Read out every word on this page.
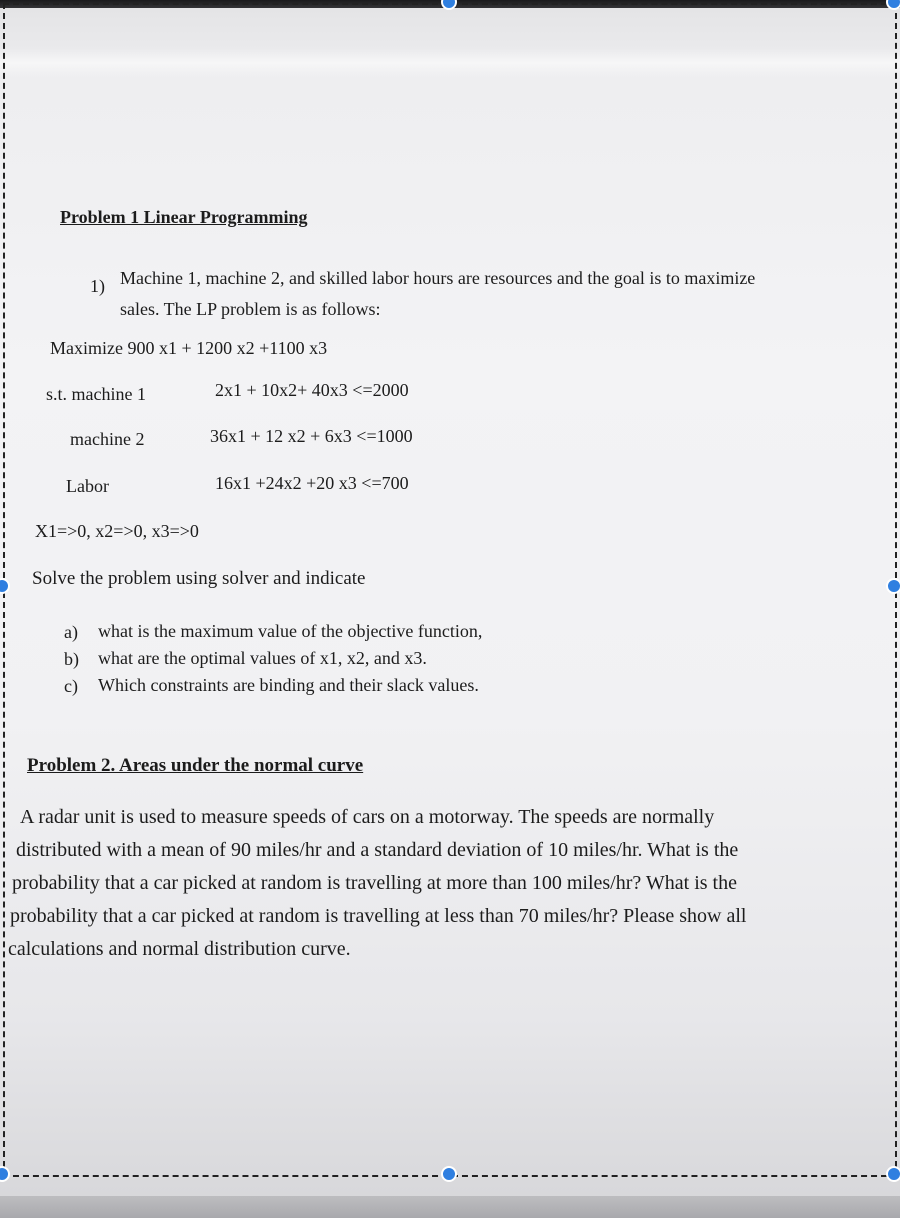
Problem 1 Linear Programming
1) Machine 1, machine 2, and skilled labor hours are resources and the goal is to maximize
sales. The LP problem is as follows:
Maximize 900 x1 + 1200 x2 +1100 x3
s.t. machine 1	2x1 + 10x2+ 40x3 <=2000
machine 2	36x1 + 12 x2 + 6x3 <=1000
Labor	16x1 +24x2 +20 x3 <=700
X1=>0, x2=>0, x3=>0
Solve the problem using solver and indicate
a) what is the maximum value of the objective function,
b) what are the optimal values of x1, x2, and x3.
c) Which constraints are binding and their slack values.
Problem 2. Areas under the normal curve
A radar unit is used to measure speeds of cars on a motorway. The speeds are normally
distributed with a mean of 90 miles/hr and a standard deviation of 10 miles/hr. What is the
probability that a car picked at random is travelling at more than 100 miles/hr? What is the
probability that a car picked at random is travelling at less than 70 miles/hr? Please show all
calculations and normal distribution curve.
